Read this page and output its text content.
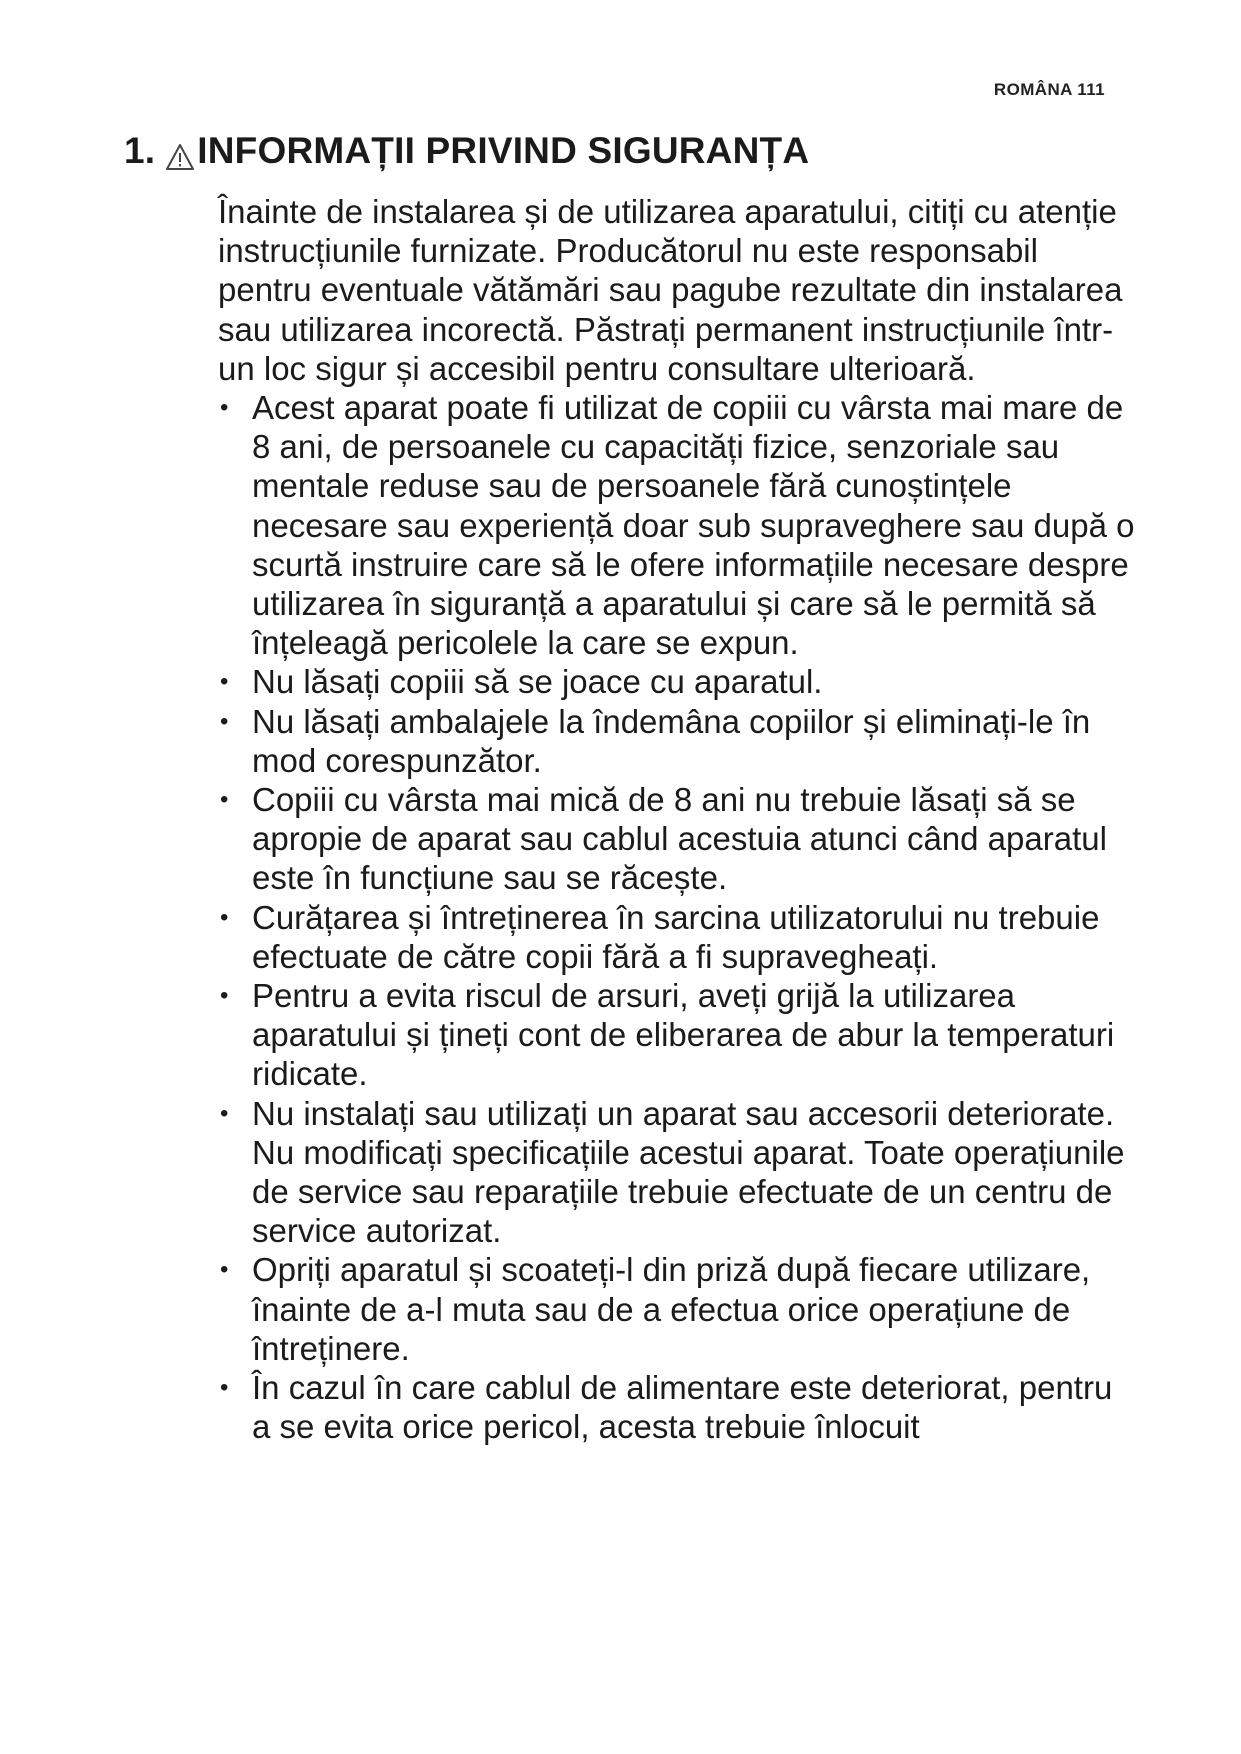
ROMÂNA 111
1. INFORMAȚII PRIVIND SIGURANȚA

Înainte de instalarea și de utilizarea aparatului, citiți cu atenție instrucțiunile furnizate. Producătorul nu este responsabil pentru eventuale vătămări sau pagube rezultate din instalarea sau utilizarea incorectă. Păstrați permanent instrucțiunile într-un loc sigur și accesibil pentru consultare ulterioară.

• Acest aparat poate fi utilizat de copiii cu vârsta mai mare de 8 ani, de persoanele cu capacități fizice, senzoriale sau mentale reduse sau de persoanele fără cunoștințele necesare sau experiență doar sub supraveghere sau după o scurtă instruire care să le ofere informațiile necesare despre utilizarea în siguranță a aparatului și care să le permită să înțeleagă pericolele la care se expun.
• Nu lăsați copiii să se joace cu aparatul.
• Nu lăsați ambalajele la îndemâna copiilor și eliminați-le în mod corespunzător.
• Copiii cu vârsta mai mică de 8 ani nu trebuie lăsați să se apropie de aparat sau cablul acestuia atunci când aparatul este în funcțiune sau se răcește.
• Curățarea și întreținerea în sarcina utilizatorului nu trebuie efectuate de către copii fără a fi supravegheați.
• Pentru a evita riscul de arsuri, aveți grijă la utilizarea aparatului și țineți cont de eliberarea de abur la temperaturi ridicate.
• Nu instalați sau utilizați un aparat sau accesorii deteriorate. Nu modificați specificațiile acestui aparat. Toate operațiunile de service sau reparațiile trebuie efectuate de un centru de service autorizat.
• Opriți aparatul și scoateți-l din priză după fiecare utilizare, înainte de a-l muta sau de a efectua orice operațiune de întreținere.
• În cazul în care cablul de alimentare este deteriorat, pentru a se evita orice pericol, acesta trebuie înlocuit
